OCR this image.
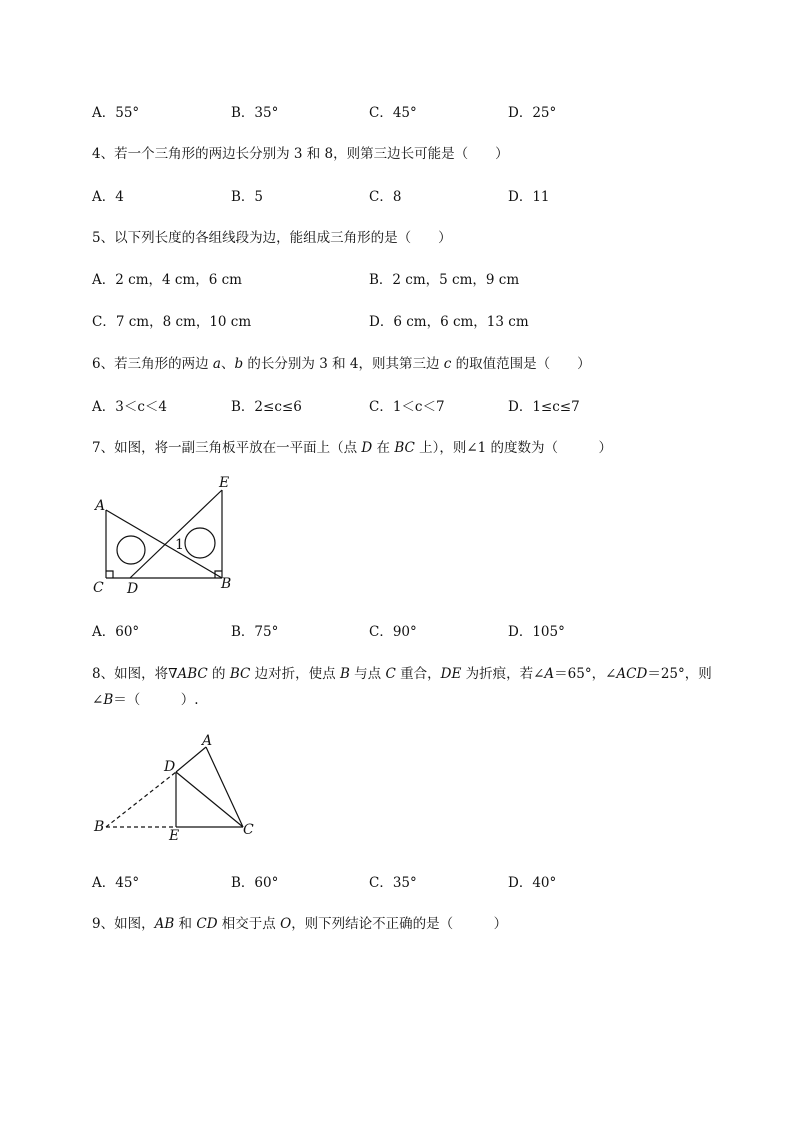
A．55°	B．35°	C．45°	D．25°
4、若一个三角形的两边长分别为 3 和 8，则第三边长可能是（　　）
A．4	B．5	C．8	D．11
5、以下列长度的各组线段为边，能组成三角形的是（　　）
A．2 cm，4 cm，6 cm	B．2 cm，5 cm，9 cm
C．7 cm，8 cm，10 cm	D．6 cm，6 cm，13 cm
6、若三角形的两边 a、b 的长分别为 3 和 4，则其第三边 c 的取值范围是（　　）
A．3＜c＜4	B．2≤c≤6	C．1＜c＜7	D．1≤c≤7
7、如图，将一副三角板平放在一平面上（点 D 在 BC 上），则∠1 的度数为（　　　）
A
E
C D	B
1
A．60°	B．75°	C．90°	D．105°
8、如图，将∇ABC 的 BC 边对折，使点 B 与点 C 重合，DE 为折痕，若∠A＝65°，∠ACD＝25°，则
∠B＝（　　　）.
A
D
B
E	C
A．45°	B．60°	C．35°	D．40°
9、如图，AB 和 CD 相交于点 O，则下列结论不正确的是（　　　）
